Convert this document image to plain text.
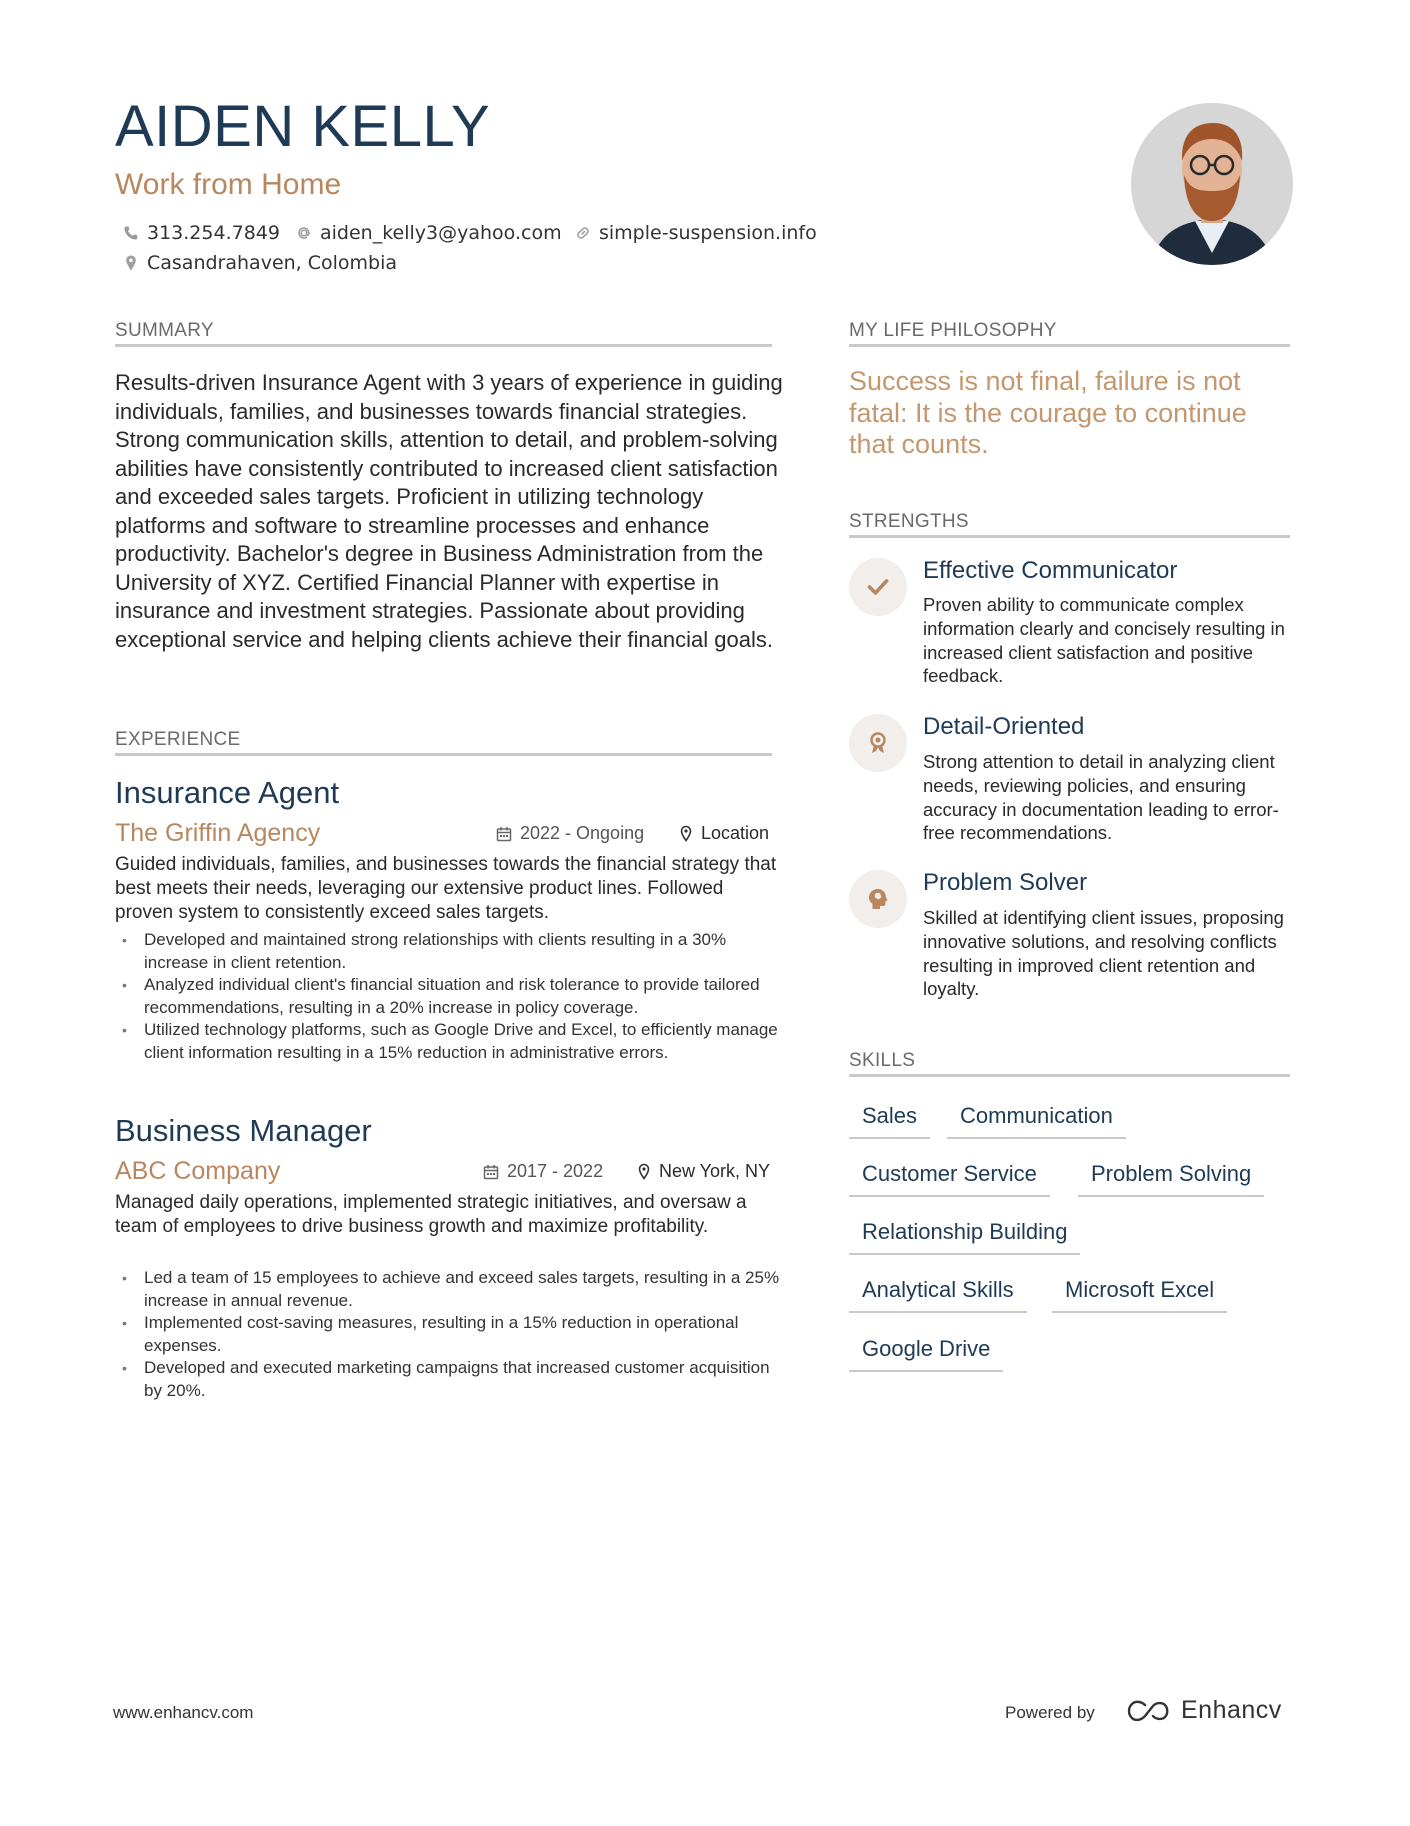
AIDEN KELLY
Work from Home
313.254.7849 aiden_kelly3@yahoo.com simple-suspension.info
Casandrahaven, Colombia
SUMMARY
Results-driven Insurance Agent with 3 years of experience in guiding individuals, families, and businesses towards financial strategies. Strong communication skills, attention to detail, and problem-solving abilities have consistently contributed to increased client satisfaction and exceeded sales targets. Proficient in utilizing technology platforms and software to streamline processes and enhance productivity. Bachelor's degree in Business Administration from the University of XYZ. Certified Financial Planner with expertise in insurance and investment strategies. Passionate about providing exceptional service and helping clients achieve their financial goals.
EXPERIENCE
Insurance Agent
The Griffin Agency	2022 - Ongoing	Location
Guided individuals, families, and businesses towards the financial strategy that best meets their needs, leveraging our extensive product lines. Followed proven system to consistently exceed sales targets.
• Developed and maintained strong relationships with clients resulting in a 30% increase in client retention.
• Analyzed individual client's financial situation and risk tolerance to provide tailored recommendations, resulting in a 20% increase in policy coverage.
• Utilized technology platforms, such as Google Drive and Excel, to efficiently manage client information resulting in a 15% reduction in administrative errors.
Business Manager
ABC Company	2017 - 2022	New York, NY
Managed daily operations, implemented strategic initiatives, and oversaw a team of employees to drive business growth and maximize profitability.
• Led a team of 15 employees to achieve and exceed sales targets, resulting in a 25% increase in annual revenue.
• Implemented cost-saving measures, resulting in a 15% reduction in operational expenses.
• Developed and executed marketing campaigns that increased customer acquisition by 20%.
MY LIFE PHILOSOPHY
Success is not final, failure is not fatal: It is the courage to continue that counts.
STRENGTHS
Effective Communicator
Proven ability to communicate complex information clearly and concisely resulting in increased client satisfaction and positive feedback.
Detail-Oriented
Strong attention to detail in analyzing client needs, reviewing policies, and ensuring accuracy in documentation leading to error-free recommendations.
Problem Solver
Skilled at identifying client issues, proposing innovative solutions, and resolving conflicts resulting in improved client retention and loyalty.
SKILLS
Sales	Communication
Customer Service	Problem Solving
Relationship Building
Analytical Skills	Microsoft Excel
Google Drive
www.enhancv.com	Powered by	Enhancv
